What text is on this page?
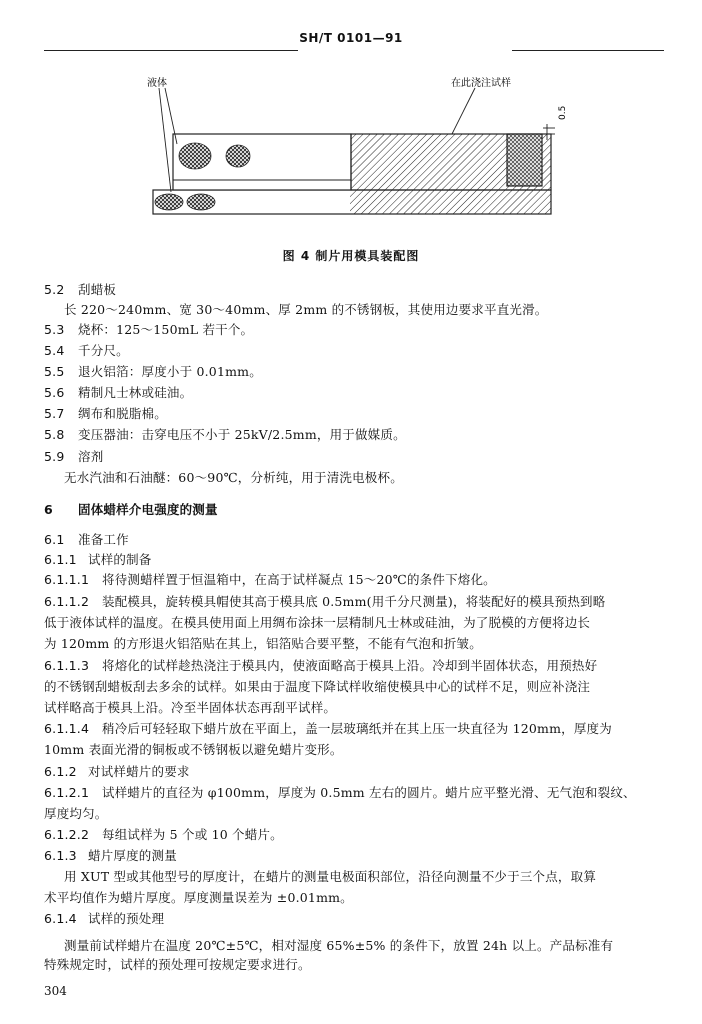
SH/T 0101—91
液体	在此浇注试样
0.5
图 4 制片用模具装配图
5.2 刮蜡板
长 220～240mm、宽 30～40mm、厚 2mm 的不锈钢板，其使用边要求平直光滑。
5.3 烧杯：125～150mL 若干个。
5.4 千分尺。
5.5 退火铝箔：厚度小于 0.01mm。
5.6 精制凡士林或硅油。
5.7 绸布和脱脂棉。
5.8 变压器油：击穿电压不小于 25kV/2.5mm，用于做媒质。
5.9 溶剂
无水汽油和石油醚：60～90℃，分析纯，用于清洗电极杯。
6 固体蜡样介电强度的测量
6.1 准备工作
6.1.1 试样的制备
6.1.1.1 将待测蜡样置于恒温箱中，在高于试样凝点 15～20℃的条件下熔化。
6.1.1.2 装配模具，旋转模具帽使其高于模具底 0.5mm(用千分尺测量)，将装配好的模具预热到略
低于液体试样的温度。在模具使用面上用绸布涂抹一层精制凡士林或硅油，为了脱模的方便将边长
为 120mm 的方形退火铝箔贴在其上，铝箔贴合要平整，不能有气泡和折皱。
6.1.1.3 将熔化的试样趁热浇注于模具内，使液面略高于模具上沿。冷却到半固体状态，用预热好
的不锈钢刮蜡板刮去多余的试样。如果由于温度下降试样收缩使模具中心的试样不足，则应补浇注
试样略高于模具上沿。冷至半固体状态再刮平试样。
6.1.1.4 稍冷后可轻轻取下蜡片放在平面上，盖一层玻璃纸并在其上压一块直径为 120mm，厚度为
10mm 表面光滑的铜板或不锈钢板以避免蜡片变形。
6.1.2 对试样蜡片的要求
6.1.2.1 试样蜡片的直径为 φ100mm，厚度为 0.5mm 左右的圆片。蜡片应平整光滑、无气泡和裂纹、
厚度均匀。
6.1.2.2 每组试样为 5 个或 10 个蜡片。
6.1.3 蜡片厚度的测量
用 XUT 型或其他型号的厚度计，在蜡片的测量电极面积部位，沿径向测量不少于三个点，取算
术平均值作为蜡片厚度。厚度测量误差为 ±0.01mm。
6.1.4 试样的预处理
测量前试样蜡片在温度 20℃±5℃，相对湿度 65%±5% 的条件下，放置 24h 以上。产品标准有
特殊规定时，试样的预处理可按规定要求进行。
304
